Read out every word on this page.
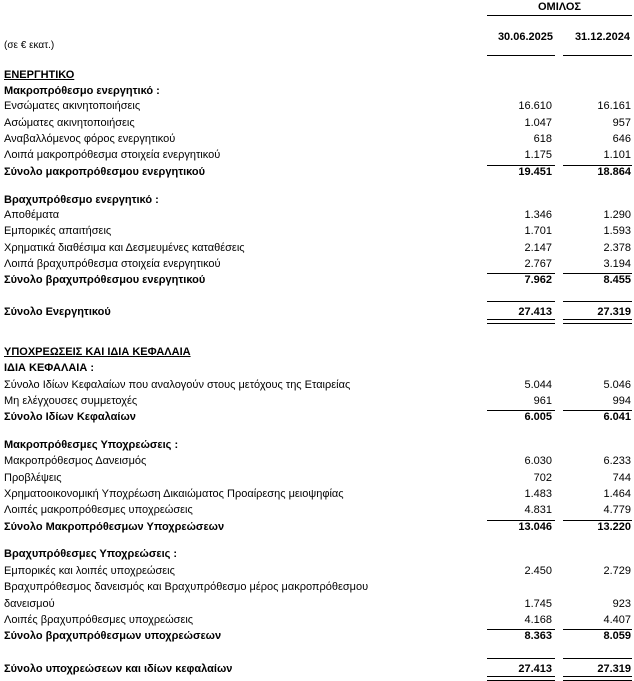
ΟΜΙΛΟΣ
(σε € εκατ.)
30.06.2025	31.12.2024
ΕΝΕΡΓΗΤΙΚΟ
Μακροπρόθεσμο ενεργητικό :
Ενσώματες ακινητοποιήσεις	16.610	16.161
Ασώματες ακινητοποιήσεις	1.047	957
Αναβαλλόμενος φόρος ενεργητικού	618	646
Λοιπά μακροπρόθεσμα στοιχεία ενεργητικού	1.175	1.101
Σύνολο μακροπρόθεσμου ενεργητικού	19.451	18.864
Βραχυπρόθεσμο ενεργητικό :
Αποθέματα	1.346	1.290
Εμπορικές απαιτήσεις	1.701	1.593
Χρηματικά διαθέσιμα και Δεσμευμένες καταθέσεις	2.147	2.378
Λοιπά βραχυπρόθεσμα στοιχεία ενεργητικού	2.767	3.194
Σύνολο βραχυπρόθεσμου ενεργητικού	7.962	8.455
Σύνολο Ενεργητικού	27.413	27.319
ΥΠΟΧΡΕΩΣΕΙΣ ΚΑΙ ΙΔΙΑ ΚΕΦΑΛΑΙΑ
ΙΔΙΑ ΚΕΦΑΛΑΙΑ :
Σύνολο Ιδίων Κεφαλαίων που αναλογούν στους μετόχους της Εταιρείας	5.044	5.046
Μη ελέγχουσες συμμετοχές	961	994
Σύνολο Ιδίων Κεφαλαίων	6.005	6.041
Μακροπρόθεσμες Υποχρεώσεις :
Μακροπρόθεσμος Δανεισμός	6.030	6.233
Προβλέψεις	702	744
Χρηματοοικονομική Υποχρέωση Δικαιώματος Προαίρεσης μειοψηφίας	1.483	1.464
Λοιπές μακροπρόθεσμες υποχρεώσεις	4.831	4.779
Σύνολο Μακροπρόθεσμων Υποχρεώσεων	13.046	13.220
Βραχυπρόθεσμες Υποχρεώσεις :
Εμπορικές και λοιπές υποχρεώσεις	2.450	2.729
Βραχυπρόθεσμος δανεισμός και Βραχυπρόθεσμο μέρος μακροπρόθεσμου
δανεισμού	1.745	923
Λοιπές βραχυπρόθεσμες υποχρεώσεις	4.168	4.407
Σύνολο βραχυπρόθεσμων υποχρεώσεων	8.363	8.059
Σύνολο υποχρεώσεων και ιδίων κεφαλαίων	27.413	27.319
